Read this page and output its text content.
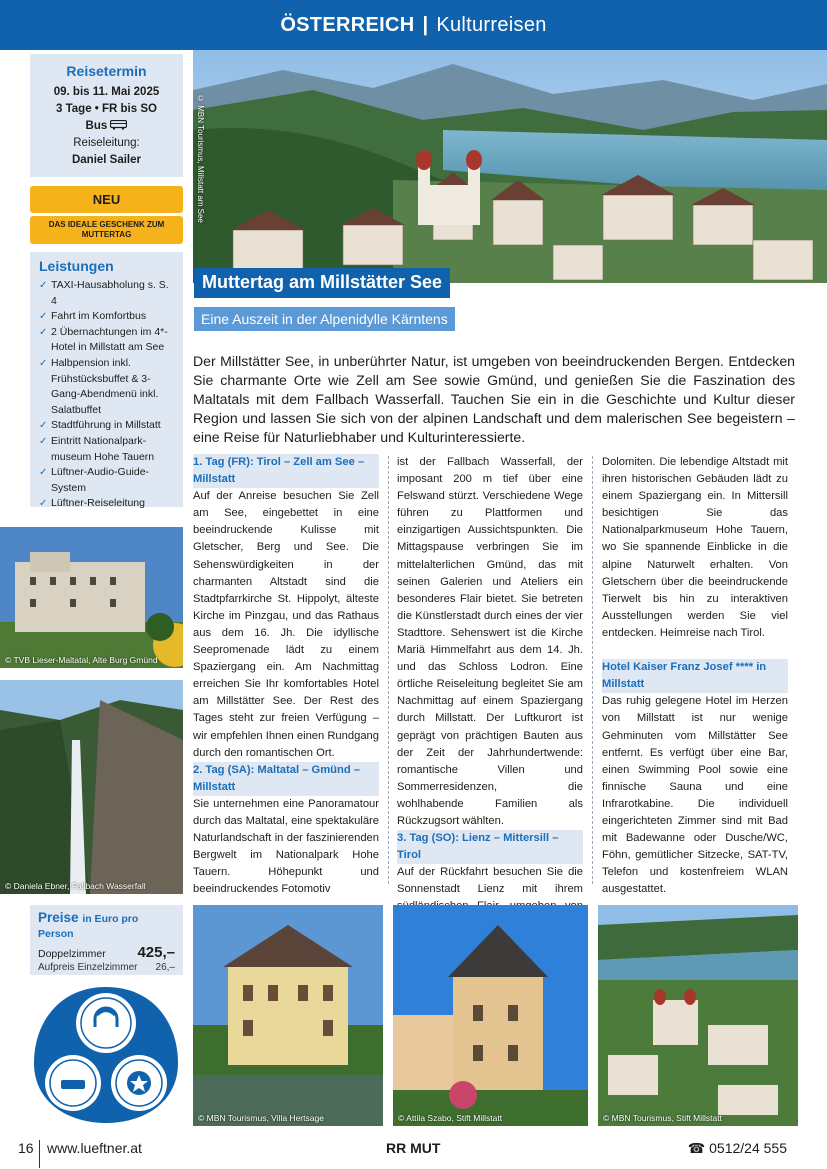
ÖSTERREICH | Kulturreisen
Reisetermin
09. bis 11. Mai 2025
3 Tage • FR bis SO
Bus
Reiseleitung:
Daniel Sailer
NEU
DAS IDEALE GESCHENK ZUM MUTTERTAG
Leistungen
✓ TAXI-Hausabholung s. S. 4
✓ Fahrt im Komfortbus
✓ 2 Übernachtungen im 4*-Hotel in Millstatt am See
✓ Halbpension inkl. Frühstücksbuffet & 3-Gang-Abendmenü inkl. Salatbuffet
✓ Stadtführung in Millstatt
✓ Eintritt Nationalpark-museum Hohe Tauern
✓ Lüftner-Audio-Guide-System
✓ Lüftner-Reiseleitung
© MBN Tourismus, Millstatt am See
© TVB Lieser-Maltatal, Alte Burg Gmünd
© Daniela Ebner, Fallbach Wasserfall
Preise in Euro pro Person
Doppelzimmer 425,–
Aufpreis Einzelzimmer 26,–
Muttertag am Millstätter See
Eine Auszeit in der Alpenidylle Kärntens
Der Millstätter See, in unberührter Natur, ist umgeben von beeindruckenden Bergen. Entdecken Sie charmante Orte wie Zell am See sowie Gmünd, und genießen Sie die Faszination des Maltatals mit dem Fallbach Wasserfall. Tauchen Sie ein in die Geschichte und Kultur dieser Region und lassen Sie sich von der alpinen Landschaft und dem malerischen See begeistern – eine Reise für Naturliebhaber und Kulturinteressierte.
1. Tag (FR): Tirol – Zell am See – Millstatt
Auf der Anreise besuchen Sie Zell am See, eingebettet in eine beeindruckende Kulisse mit Gletscher, Berg und See. Die Sehenswürdigkeiten in der charmanten Altstadt sind die Stadtpfarrkirche St. Hippolyt, älteste Kirche im Pinzgau, und das Rathaus aus dem 16. Jh. Die idyllische Seepromenade lädt zu einem Spaziergang ein. Am Nachmittag erreichen Sie Ihr komfortables Hotel am Millstätter See. Der Rest des Tages steht zur freien Verfügung – wir empfehlen Ihnen einen Rundgang durch den romantischen Ort.
2. Tag (SA): Maltatal – Gmünd – Millstatt
Sie unternehmen eine Panoramatour durch das Maltatal, eine spektakuläre Naturlandschaft in der faszinierenden Bergwelt im Nationalpark Hohe Tauern. Höhepunkt und beeindruckendes Fotomotiv
ist der Fallbach Wasserfall, der imposant 200 m tief über eine Felswand stürzt. Verschiedene Wege führen zu Plattformen und einzigartigen Aussichtspunkten. Die Mittagspause verbringen Sie im mittelalterlichen Gmünd, das mit seinen Galerien und Ateliers ein besonderes Flair bietet. Sie betreten die Künstlerstadt durch eines der vier Stadttore. Sehenswert ist die Kirche Mariä Himmelfahrt aus dem 14. Jh. und das Schloss Lodron. Eine örtliche Reiseleitung begleitet Sie am Nachmittag auf einem Spaziergang durch Millstatt. Der Luftkurort ist geprägt von prächtigen Bauten aus der Zeit der Jahrhundertwende: romantische Villen und Sommerresidenzen, die wohlhabende Familien als Rückzugsort wählten.
3. Tag (SO): Lienz – Mittersill – Tirol
Auf der Rückfahrt besuchen Sie die Sonnenstadt Lienz mit ihrem
Dolomiten. Die lebendige Altstadt mit ihren historischen Gebäuden lädt zu einem Spaziergang ein. In Mittersill besichtigen Sie das Nationalparkmuseum Hohe Tauern, wo Sie spannende Einblicke in die alpine Naturwelt erhalten. Von Gletschern über die beeindruckende Tierwelt bis hin zu interaktiven Ausstellungen werden Sie viel entdecken. Heimreise nach Tirol.

Hotel Kaiser Franz Josef **** in Millstatt
Das ruhig gelegene Hotel im Herzen von Millstatt ist nur wenige Gehminuten vom Millstätter See entfernt. Es verfügt über eine Bar, einen Swimming Pool sowie eine finnische Sauna und eine Infrarotkabine. Die individuell eingerichteten Zimmer sind mit Bad mit Badewanne oder Dusche/WC, Föhn, gemütlicher Sitzecke, SAT-TV, Telefon und kostenfreiem WLAN ausgestattet.
© MBN Tourismus, Villa Hertsage	© Attila Szabo, Stift Millstatt	© MBN Tourismus, Stift Millstatt
16 www.lueftner.at	RR MUT	☎ 0512/24 555
